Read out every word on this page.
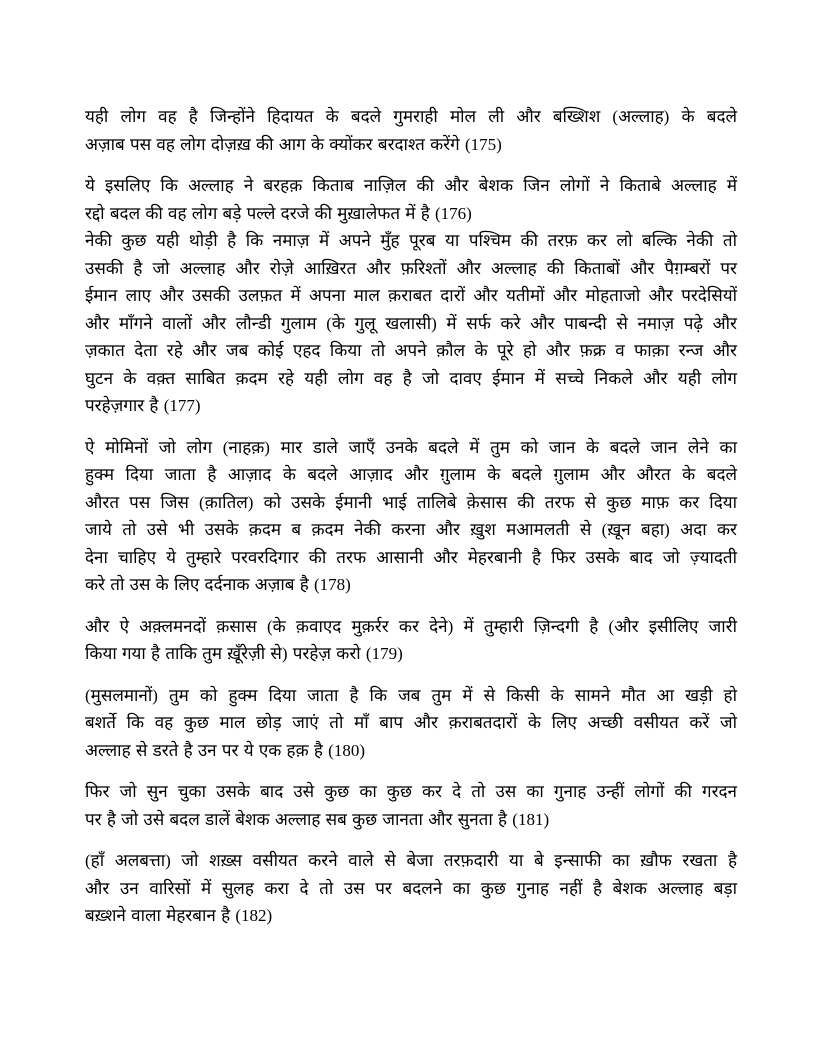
यही लोग वह है जिन्होंने हिदायत के बदले गुमराही मोल ली और बख्शिश (अल्लाह) के बदले
अज़ाब पस वह लोग दोज़ख़ की आग के क्योंकर बरदाश्त करेंगे (175)
ये इसलिए कि अल्लाह ने बरहक़ किताब नाज़िल की और बेशक जिन लोगों ने किताबे अल्लाह में
रद्दो बदल की वह लोग बड़े पल्ले दरजे की मुख़ालेफत में है (176)
नेकी कुछ यही थोड़ी है कि नमाज़ में अपने मुँह पूरब या पश्चिम की तरफ़ कर लो बल्कि नेकी तो
उसकी है जो अल्लाह और रोज़े आख़िरत और फ़रिश्तों और अल्लाह की किताबों और पैग़म्बरों पर
ईमान लाए और उसकी उलफ़त में अपना माल क़राबत दारों और यतीमों और मोहताजो और परदेसियों
और माँगने वालों और लौन्डी गुलाम (के गुलू खलासी) में सर्फ करे और पाबन्दी से नमाज़ पढ़े और
ज़कात देता रहे और जब कोई एहद किया तो अपने क़ौल के पूरे हो और फ़क्र व फाक़ा रन्ज और
घुटन के वक़्त साबित क़दम रहे यही लोग वह है जो दावए ईमान में सच्चे निकले और यही लोग
परहेज़गार है (177)
ऐ मोमिनों जो लोग (नाहक़) मार डाले जाएँ उनके बदले में तुम को जान के बदले जान लेने का
हुक्म दिया जाता है आज़ाद के बदले आज़ाद और ग़ुलाम के बदले ग़ुलाम और औरत के बदले
औरत पस जिस (क़ातिल) को उसके ईमानी भाई तालिबे क़ेसास की तरफ से कुछ माफ़ कर दिया
जाये तो उसे भी उसके क़दम ब क़दम नेकी करना और ख़ुश मआमलती से (ख़ून बहा) अदा कर
देना चाहिए ये तुम्हारे परवरदिगार की तरफ आसानी और मेहरबानी है फिर उसके बाद जो ज़्यादती
करे तो उस के लिए दर्दनाक अज़ाब है (178)
और ऐ अक़्लमनदों क़सास (के क़वाएद मुक़र्रर कर देने) में तुम्हारी ज़िन्दगी है (और इसीलिए जारी
किया गया है ताकि तुम ख़ूँरेज़ी से) परहेज़ करो (179)
(मुसलमानों) तुम को हुक्म दिया जाता है कि जब तुम में से किसी के सामने मौत आ खड़ी हो
बशर्ते कि वह कुछ माल छोड़ जाएं तो माँ बाप और क़राबतदारों के लिए अच्छी वसीयत करें जो
अल्लाह से डरते है उन पर ये एक हक़ है (180)
फिर जो सुन चुका उसके बाद उसे कुछ का कुछ कर दे तो उस का गुनाह उन्हीं लोगों की गरदन
पर है जो उसे बदल डालें बेशक अल्लाह सब कुछ जानता और सुनता है (181)
(हाँ अलबत्ता) जो शख़्स वसीयत करने वाले से बेजा तरफ़दारी या बे इन्साफी का ख़ौफ रखता है
और उन वारिसों में सुलह करा दे तो उस पर बदलने का कुछ गुनाह नहीं है बेशक अल्लाह बड़ा
बख़्शने वाला मेहरबान है (182)
